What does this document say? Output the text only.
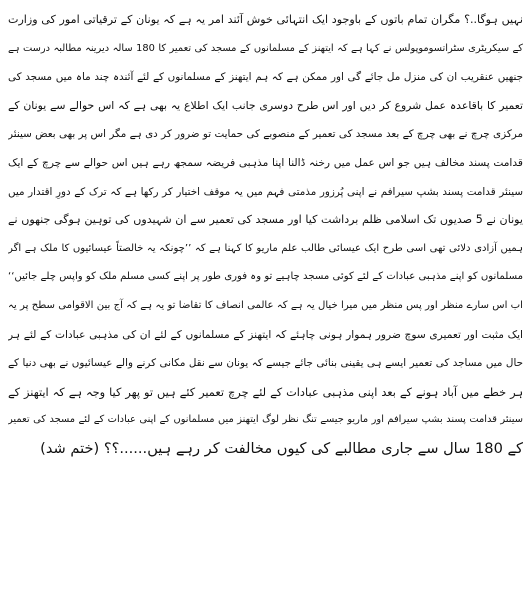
نہیں ہوگا..؟ مگران تمام باتوں کے باوجود ایک انتہائی خوش آئند امر یہ ہے کہ یونان کے ترقیاتی امور کی وزارت
کے سیکریٹری سٹراتسوموپولس نے کہا ہے کہ ایتھنز کے مسلمانوں کے مسجد کی تعمیر کا 180 سالہ دیرینہ مطالبہ درست ہے
جنھیں عنقریب ان کی منزل مل جائے گی اور ممکن ہے کہ ہم ایتھنز کے مسلمانوں کے لئے آئندہ چند ماہ میں مسجد کی
تعمیر کا باقاعدہ عمل شروع کر دیں اور اس طرح دوسری جانب ایک اطلاع یہ بھی ہے کہ اس حوالے سے یونان کے
مرکزی چرچ نے بھی چرچ کے بعد مسجد کی تعمیر کے منصوبے کی حمایت تو ضرور کر دی ہے مگر اس پر بھی بعض سینئر
قدامت پسند مخالف ہیں جو اس عمل میں رخنہ ڈالنا اپنا مذہبی فریضہ سمجھ رہے ہیں اس حوالے سے چرچ کے ایک
سینئر قدامت پسند بشپ سیرافم نے اپنی پُرزور مذمتی فہم میں یہ موقف اختیار کر رکھا ہے کہ ترک کے دورِ اقتدار میں
یونان نے 5 صدیوں تک اسلامی ظلم برداشت کیا اور مسجد کی تعمیر سے ان شہیدوں کی توہین ہوگی جنھوں نے
ہمیں آزادی دلائی تھی اسی طرح ایک عیسائی طالب علم ماریو کا کہنا ہے کہ ’’چونکہ یہ خالصتاً عیسائیوں کا ملک ہے اگر
مسلمانوں کو اپنے مذہبی عبادات کے لئے کوئی مسجد چاہیے تو وہ فوری طور پر اپنے کسی مسلم ملک کو واپس چلے جائیں‘‘
اب اس سارے منظر اور پس منظر میں میرا خیال یہ ہے کہ عالمی انصاف کا تقاضا تو یہ ہے کہ آج بین الاقوامی سطح پر یہ
ایک مثبت اور تعمیری سوچ ضرور ہموار ہونی چاہئے کہ ایتھنز کے مسلمانوں کے لئے ان کی مذہبی عبادات کے لئے ہر
حال میں مساجد کی تعمیر ایسے ہی یقینی بنائی جائے جیسے کہ یونان سے نقل مکانی کرنے والے عیسائیوں نے بھی دنیا کے
ہر خطے میں آباد ہونے کے بعد اپنی مذہبی عبادات کے لئے چرچ تعمیر کئے ہیں تو پھر کیا وجہ ہے کہ ایتھنز کے
سینئر قدامت پسند بشپ سیرافم اور ماریو جیسے تنگ نظر لوگ ایتھنز میں مسلمانوں کے اپنی عبادات کے لئے مسجد کی تعمیر
کے 180 سال سے جاری مطالبے کی کیوں مخالفت کر رہے ہیں......؟؟ (ختم شد)
